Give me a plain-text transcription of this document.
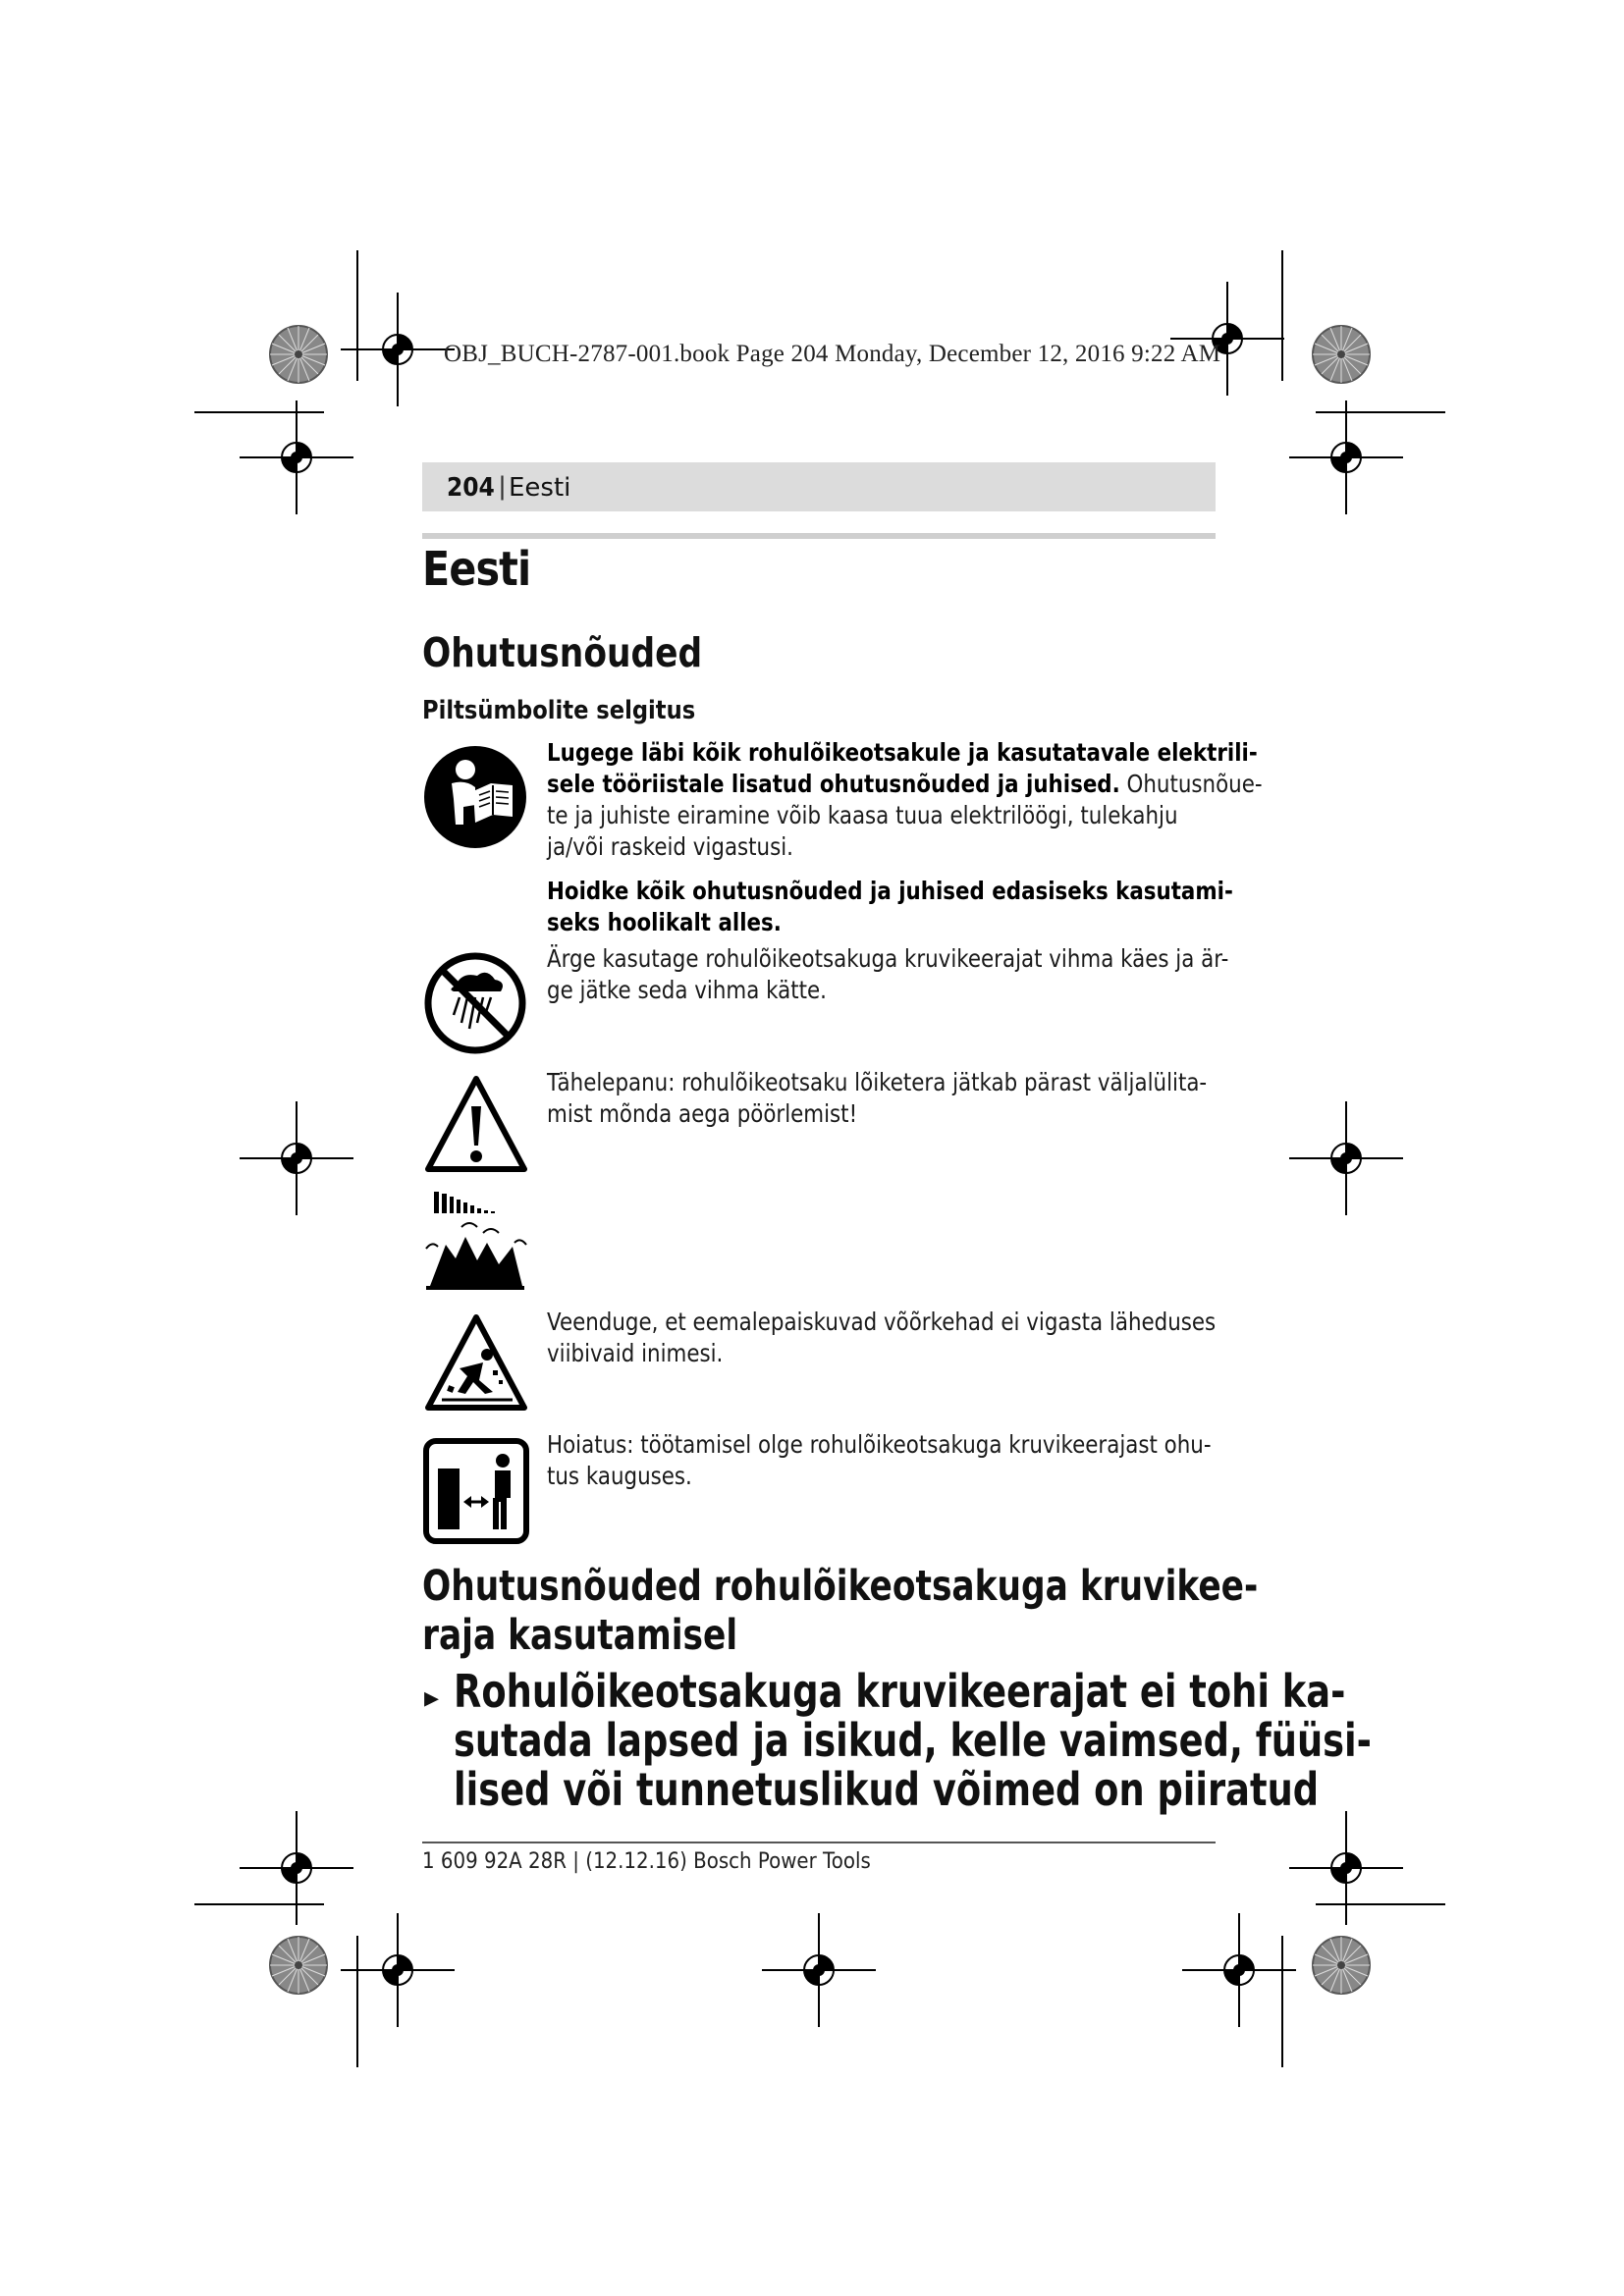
OBJ_BUCH-2787-001.book Page 204 Monday, December 12, 2016 9:22 AM
204 | Eesti
Eesti
Ohutusnõuded
Piltsümbolite selgitus
Lugege läbi kõik rohulõikeotsakule ja kasutatavale elektrili-
sele tööriistale lisatud ohutusnõuded ja juhised. Ohutusnõue-
te ja juhiste eiramine võib kaasa tuua elektrilöögi, tulekahju
ja/või raskeid vigastusi.
Hoidke kõik ohutusnõuded ja juhised edasiseks kasutami-
seks hoolikalt alles.
Ärge kasutage rohulõikeotsakuga kruvikeerajat vihma käes ja är-
ge jätke seda vihma kätte.
Tähelepanu: rohulõikeotsaku lõiketera jätkab pärast väljalülita-
mist mõnda aega pöörlemist!
Veenduge, et eemalepaiskuvad võõrkehad ei vigasta läheduses
viibivaid inimesi.
Hoiatus: töötamisel olge rohulõikeotsakuga kruvikeerajast ohu-
tus kauguses.
Ohutusnõuded rohulõikeotsakuga kruvikee-
raja kasutamisel
▸ Rohulõikeotsakuga kruvikeerajat ei tohi ka-
sutada lapsed ja isikud, kelle vaimsed, füüsi-
lised või tunnetuslikud võimed on piiratud
1 609 92A 28R | (12.12.16) Bosch Power Tools
